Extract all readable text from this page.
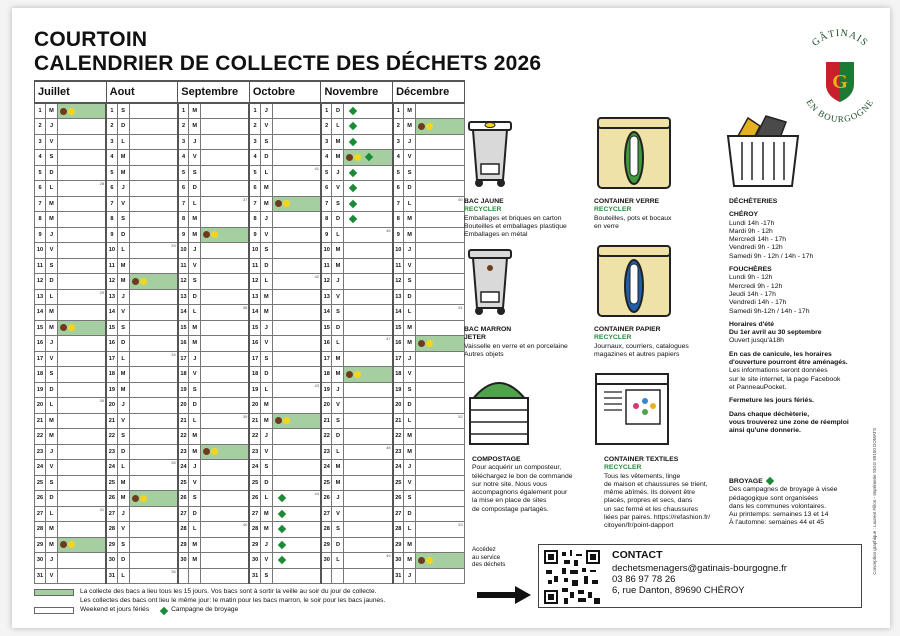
COURTOIN
CALENDRIER DE COLLECTE DES DÉCHETS 2026
GÂTINAIS
G
EN BOURGOGNE
Juillet			Aout			Septembre			Octobre			Novembre			Décembre		
1	M		1	S		1	M		1	J		1	D		1	M	
2	J		2	D		2	M		2	V		2	L		2	M	
3	V		3	L		3	J		3	S		3	M		3	J	
4	S		4	M		4	V		4	D		4	M		4	V	
5	D		5	M		5	S		5	L	41	5	J		5	S	
6	L	28	6	J		6	D		6	M		6	V		6	D	
7	M		7	V		7	L	37	7	M		7	S		7	L	50

8	M		8	S		8	M		8	J		8	D		8	M	
9	J		9	D		9	M		9	V		9	L	46	9	M	
10	V		10	L	33	10	J		10	S		10	M		10	J	
11	S		11	M		11	V		11	D		11	M		11	V	
12	D		12	M		12	S		12	L	42	12	J		12	S	
13	L	29	13	J		13	D		13	M		13	V		13	D	
14	M		14	V		14	L	38	14	M		14	S		14	L	51

15	M		15	S		15	M		15	J		15	D		15	M	
16	J		16	D		16	M		16	V		16	L	47	16	M	
17	V		17	L	34	17	J		17	S		17	M		17	J	
18	S		18	M		18	V		18	D		18	M		18	V	
19	D		19	M		19	S		19	L	43	19	J		19	S	
20	L	30	20	J		20	D		20	M		20	V		20	D	
21	M		21	V		21	L	39	21	M		21	S		21	L	52

22	M		22	S		22	M		22	J		22	D		22	M	
23	J		23	D		23	M		23	V		23	L	48	23	M	
24	V		24	L	35	24	J		24	S		24	M		24	J	
25	S		25	M		25	V		25	D		25	M		25	V	
26	D		26	M		26	S		26	L	44	26	J		26	S	
27	L	31	27	J		27	D		27	M		27	V		27	D	
28	M		28	V		28	L	40	28	M		28	S		28	L	53

29	M		29	S		29	M		29	J		29	D		29	M	
30	J		30	D		30	M		30	V		30	L	49	30	M	
31	V		31	L	36				31	S					31	J	
BAC JAUNE
RECYCLER
Emballages et briques en carton
Bouteilles et emballages plastique
Emballages en métal
CONTAINER VERRE
RECYCLER
Bouteilles, pots et bocaux
en verre
DÉCHÈTERIES
CHÉROY
Lundi 14h -17h
Mardi 9h - 12h
Mercredi 14h - 17h
Vendredi 9h - 12h
Samedi 9h - 12h / 14h - 17h
FOUCHÈRES
Lundi 9h - 12h
Mercredi 9h - 12h
Jeudi 14h - 17h
Vendredi 14h - 17h
Samedi 9h-12h / 14h - 17h
Horaires d'été
Du 1er avril au 30 septembre
Ouvert jusqu'à18h
En cas de canicule, les horaires
d'ouverture pourront être aménagés.
Les informations seront données
sur le site internet, la page Facebook
et PanneauPocket.
Fermeture les jours fériés.
Dans chaque déchèterie,
vous trouverez une zone de réemploi
ainsi qu'une donnerie.
BAC MARRON
JETER
Vaisselle en verre et en porcelaine
Autres objets
CONTAINER PAPIER
RECYCLER
Journaux, courriers, catalogues
magazines et autres papiers
COMPOSTAGE
Pour acquérir un composteur,
téléchargez le bon de commande
sur notre site. Nous vous
accompagnons également pour
la mise en place de sites
de compostage partagés.
CONTAINER TEXTILES
RECYCLER
Tous les vêtements, linge
de maison et chaussures se trient,
même abîmés. Ils doivent être
placés, propres et secs, dans
un sac fermé et les chaussures
liées par paires. https://refashion.fr/
citoyen/fr/point-dapport
BROYAGE
Des campagnes de broyage à visée
pédagogique sont organisées
dans les communes volontaires.
Au printemps: semaines 13 et 14
À l'automne: semaines 44 et 45
Accédez
au service
des déchets
CONTACT
dechetsmenagers@gatinais-bourgogne.fr
03 86 97 78 26
6, rue Danton, 89690 CHÉROY
La collecte des bacs a lieu tous les 15 jours. Vos bacs sont à sortir la veille au soir du jour de collecte.
Les collectes des bacs ont lieu le même jour: le matin pour les bacs marron, le soir pour les bacs jaunes.
Weekend et jours fériés	Campagne de broyage
Conception graphique : Laurent Fillon - Imprimerie SIGG 89150 DOMATS
